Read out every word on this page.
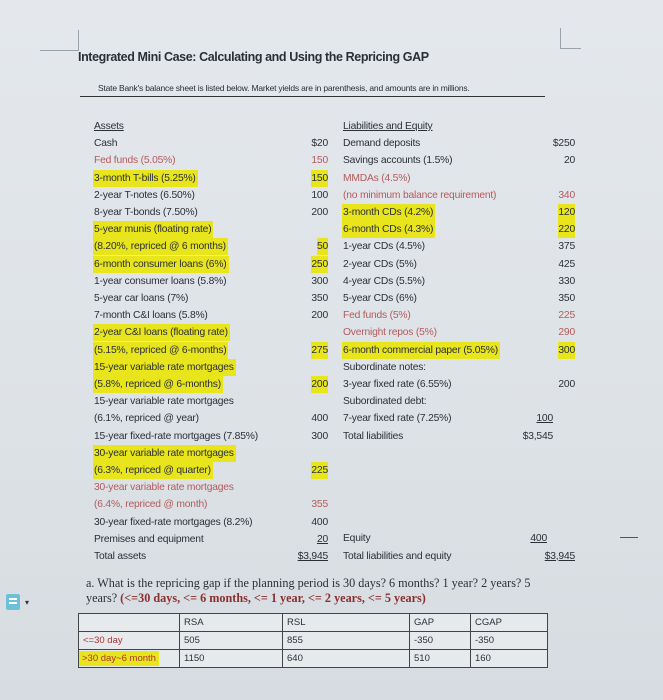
Integrated Mini Case: Calculating and Using the Repricing GAP
State Bank's balance sheet is listed below. Market yields are in parenthesis, and amounts are in millions.
Assets
Cash	$20
Fed funds (5.05%)	150
3-month T-bills (5.25%)	150
2-year T-notes (6.50%)	100
8-year T-bonds (7.50%)	200
5-year munis (floating rate)
(8.20%, repriced @ 6 months)	50
6-month consumer loans (6%)	250
1-year consumer loans (5.8%)	300
5-year car loans (7%)	350
7-month C&I loans (5.8%)	200
2-year C&I loans (floating rate)
(5.15%, repriced @ 6-months)	275
15-year variable rate mortgages
(5.8%, repriced @ 6-months)	200
15-year variable rate mortgages
(6.1%, repriced @ year)	400
15-year fixed-rate mortgages (7.85%)	300
30-year variable rate mortgages
(6.3%, repriced @ quarter)	225
30-year variable rate mortgages
(6.4%, repriced @ month)	355
30-year fixed-rate mortgages (8.2%)	400
Premises and equipment	20
Total assets	$3,945
Liabilities and Equity
Demand deposits	$250
Savings accounts (1.5%)	20
MMDAs (4.5%)
(no minimum balance requirement)	340
3-month CDs (4.2%)	120
6-month CDs (4.3%)	220
1-year CDs (4.5%)	375
2-year CDs (5%)	425
4-year CDs (5.5%)	330
5-year CDs (6%)	350
Fed funds (5%)	225
Overnight repos (5%)	290
6-month commercial paper (5.05%)	300
Subordinate notes:
3-year fixed rate (6.55%)	200
Subordinated debt:
7-year fixed rate (7.25%)	100
Total liabilities	$3,545
Equity	400
Total liabilities and equity	$3,945
a. What is the repricing gap if the planning period is 30 days? 6 months? 1 year? 2 years? 5 years? (<=30 days, <= 6 months, <= 1 year, <= 2 years, <= 5 years)
	RSA	RSL	GAP	CGAP
<=30 day	505	855	-350	-350
>30 day~6 month	1150	640	510	160
▾
